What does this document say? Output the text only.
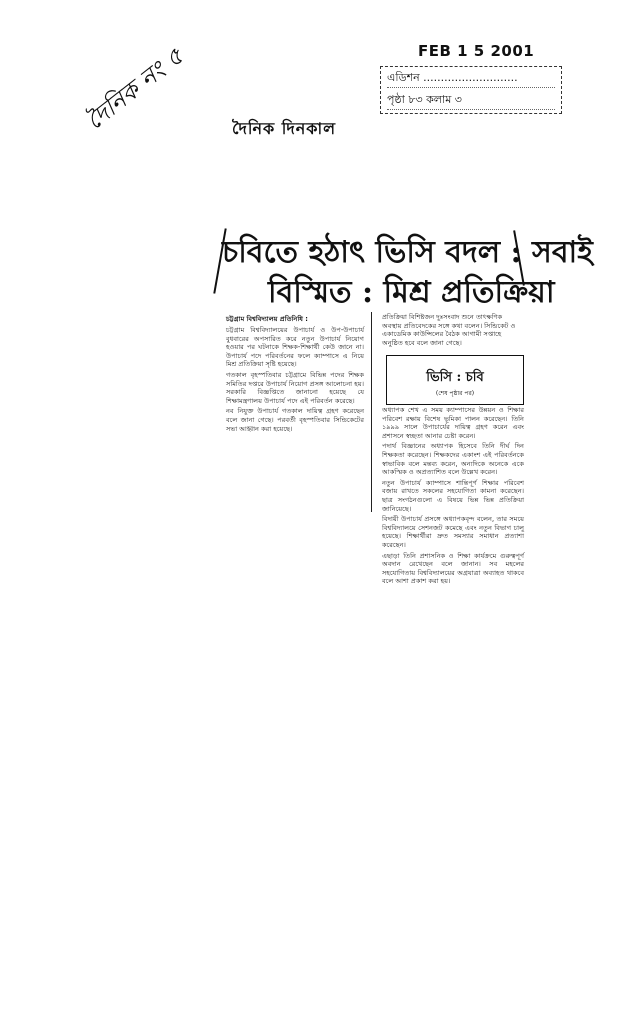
FEB 1 5 2001
এডিশন ...........................
পৃষ্ঠা ৮৩ কলাম ৩
দৈনিক নং ৫	দৈনিক দিনকাল
চবিতে হঠাৎ ভিসি বদল : সবাই
বিস্মিত : মিশ্র প্রতিক্রিয়া
চট্টগ্রাম বিশ্ববিদ্যালয় প্রতিনিধি :

চট্টগ্রাম বিশ্ববিদ্যালয়ের উপাচার্য ও উপ-উপাচার্য বুধবারের অপসারিত করে নতুন উপাচার্য নিয়োগ হওয়ার পর ঘটনাকে শিক্ষক-শিক্ষার্থী কেউ জানে না। উপাচার্য পদে পরিবর্তনের ফলে ক্যাম্পাসে এ নিয়ে মিশ্র প্রতিক্রিয়া সৃষ্টি হয়েছে।

গতকাল বৃহস্পতিবার চট্টগ্রামে বিভিন্ন পদের শিক্ষক সমিতির দপ্তরে উপাচার্য নিয়োগ প্রসঙ্গ আলোচনা হয়। সরকারি বিজ্ঞপ্তিতে জানানো হয়েছে যে শিক্ষামন্ত্রণালয় উপাচার্য পদে এই পরিবর্তন করেছে।

নব নিযুক্ত উপাচার্য গতকাল দায়িত্ব গ্রহণ করেছেন বলে জানা গেছে। পরবর্তী বৃহস্পতিবার সিন্ডিকেটের সভা আহ্বান করা হয়েছে।

প্রতিক্রিয়া বিশিষ্টজন দুঃসংবাদ শুনে তাৎক্ষণিক অবস্থায় প্রতিবেদকের সঙ্গে কথা বলেন। সিন্ডিকেট ও একাডেমিক কাউন্সিলের বৈঠক আগামী সপ্তাহে অনুষ্ঠিত হবে বলে জানা গেছে।
ভিসি : চবি
(শেষ পৃষ্ঠার পর)

অধ্যাপক শেখ এ সময় ক্যাম্পাসের উন্নয়ন ও শিক্ষার পরিবেশ রক্ষায় বিশেষ ভূমিকা পালন করেছেন। তিনি ১৯৯৯ সালে উপাচার্যের দায়িত্ব গ্রহণ করেন এবং প্রশাসনে স্বচ্ছতা আনার চেষ্টা করেন।

পদার্থ বিজ্ঞানের অধ্যাপক হিসেবে তিনি দীর্ঘ দিন শিক্ষকতা করেছেন। শিক্ষকদের একাংশ এই পরিবর্তনকে স্বাভাবিক বলে মন্তব্য করেন, অন্যদিকে অনেকে একে আকস্মিক ও অপ্রত্যাশিত বলে উল্লেখ করেন।

নতুন উপাচার্য ক্যাম্পাসে শান্তিপূর্ণ শিক্ষার পরিবেশ বজায় রাখতে সকলের সহযোগিতা কামনা করেছেন। ছাত্র সংগঠনগুলো এ বিষয়ে ভিন্ন ভিন্ন প্রতিক্রিয়া জানিয়েছে।

বিদায়ী উপাচার্য প্রসঙ্গে অধ্যাপকবৃন্দ বলেন, তার সময়ে বিশ্ববিদ্যালয়ে সেশনজট কমেছে এবং নতুন বিভাগ চালু হয়েছে। শিক্ষার্থীরা দ্রুত সমস্যার সমাধান প্রত্যাশা করেছেন।

এছাড়া তিনি প্রশাসনিক ও শিক্ষা কার্যক্রমে গুরুত্বপূর্ণ অবদান রেখেছেন বলে জানান। সব মহলের সহযোগিতায় বিশ্ববিদ্যালয়ের অগ্রযাত্রা অব্যাহত থাকবে বলে আশা প্রকাশ করা হয়।
